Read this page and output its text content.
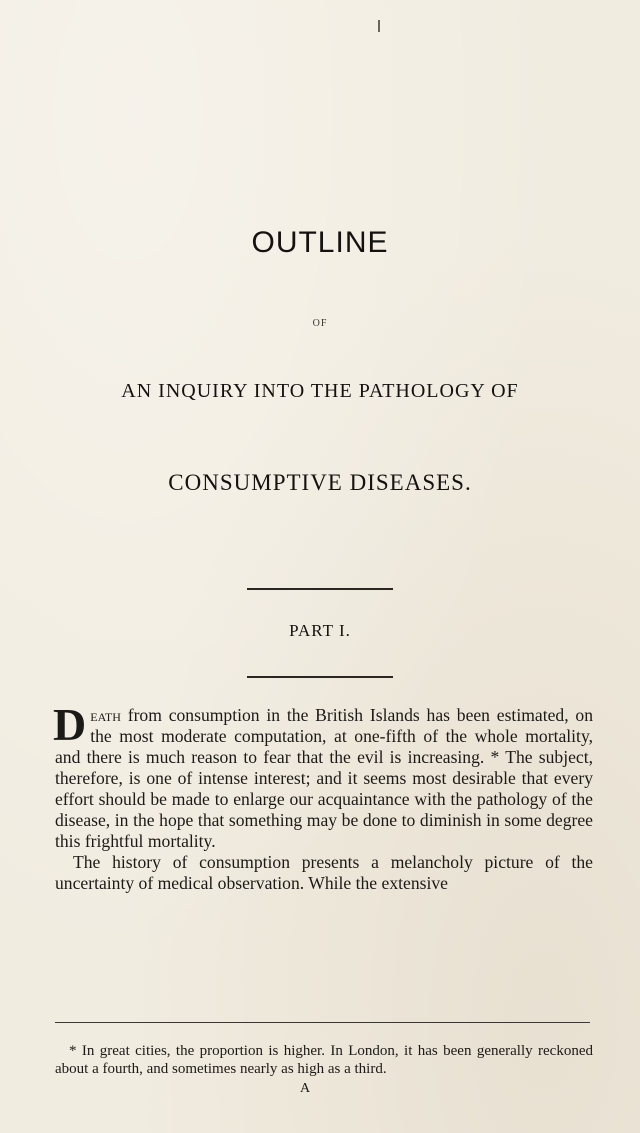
OUTLINE
OF
AN INQUIRY INTO THE PATHOLOGY OF
CONSUMPTIVE DISEASES.
PART I.

Death from consumption in the British Islands has been estimated, on the most moderate computation, at one-fifth of the whole mortality, and there is much reason to fear that the evil is increasing. * The subject, therefore, is one of intense interest; and it seems most desirable that every effort should be made to enlarge our acquaintance with the pathology of the disease, in the hope that something may be done to diminish in some degree this frightful mortality.

The history of consumption presents a melancholy picture of the uncertainty of medical observation. While the extensive

* In great cities, the proportion is higher. In London, it has been generally reckoned about a fourth, and sometimes nearly as high as a third.

A
